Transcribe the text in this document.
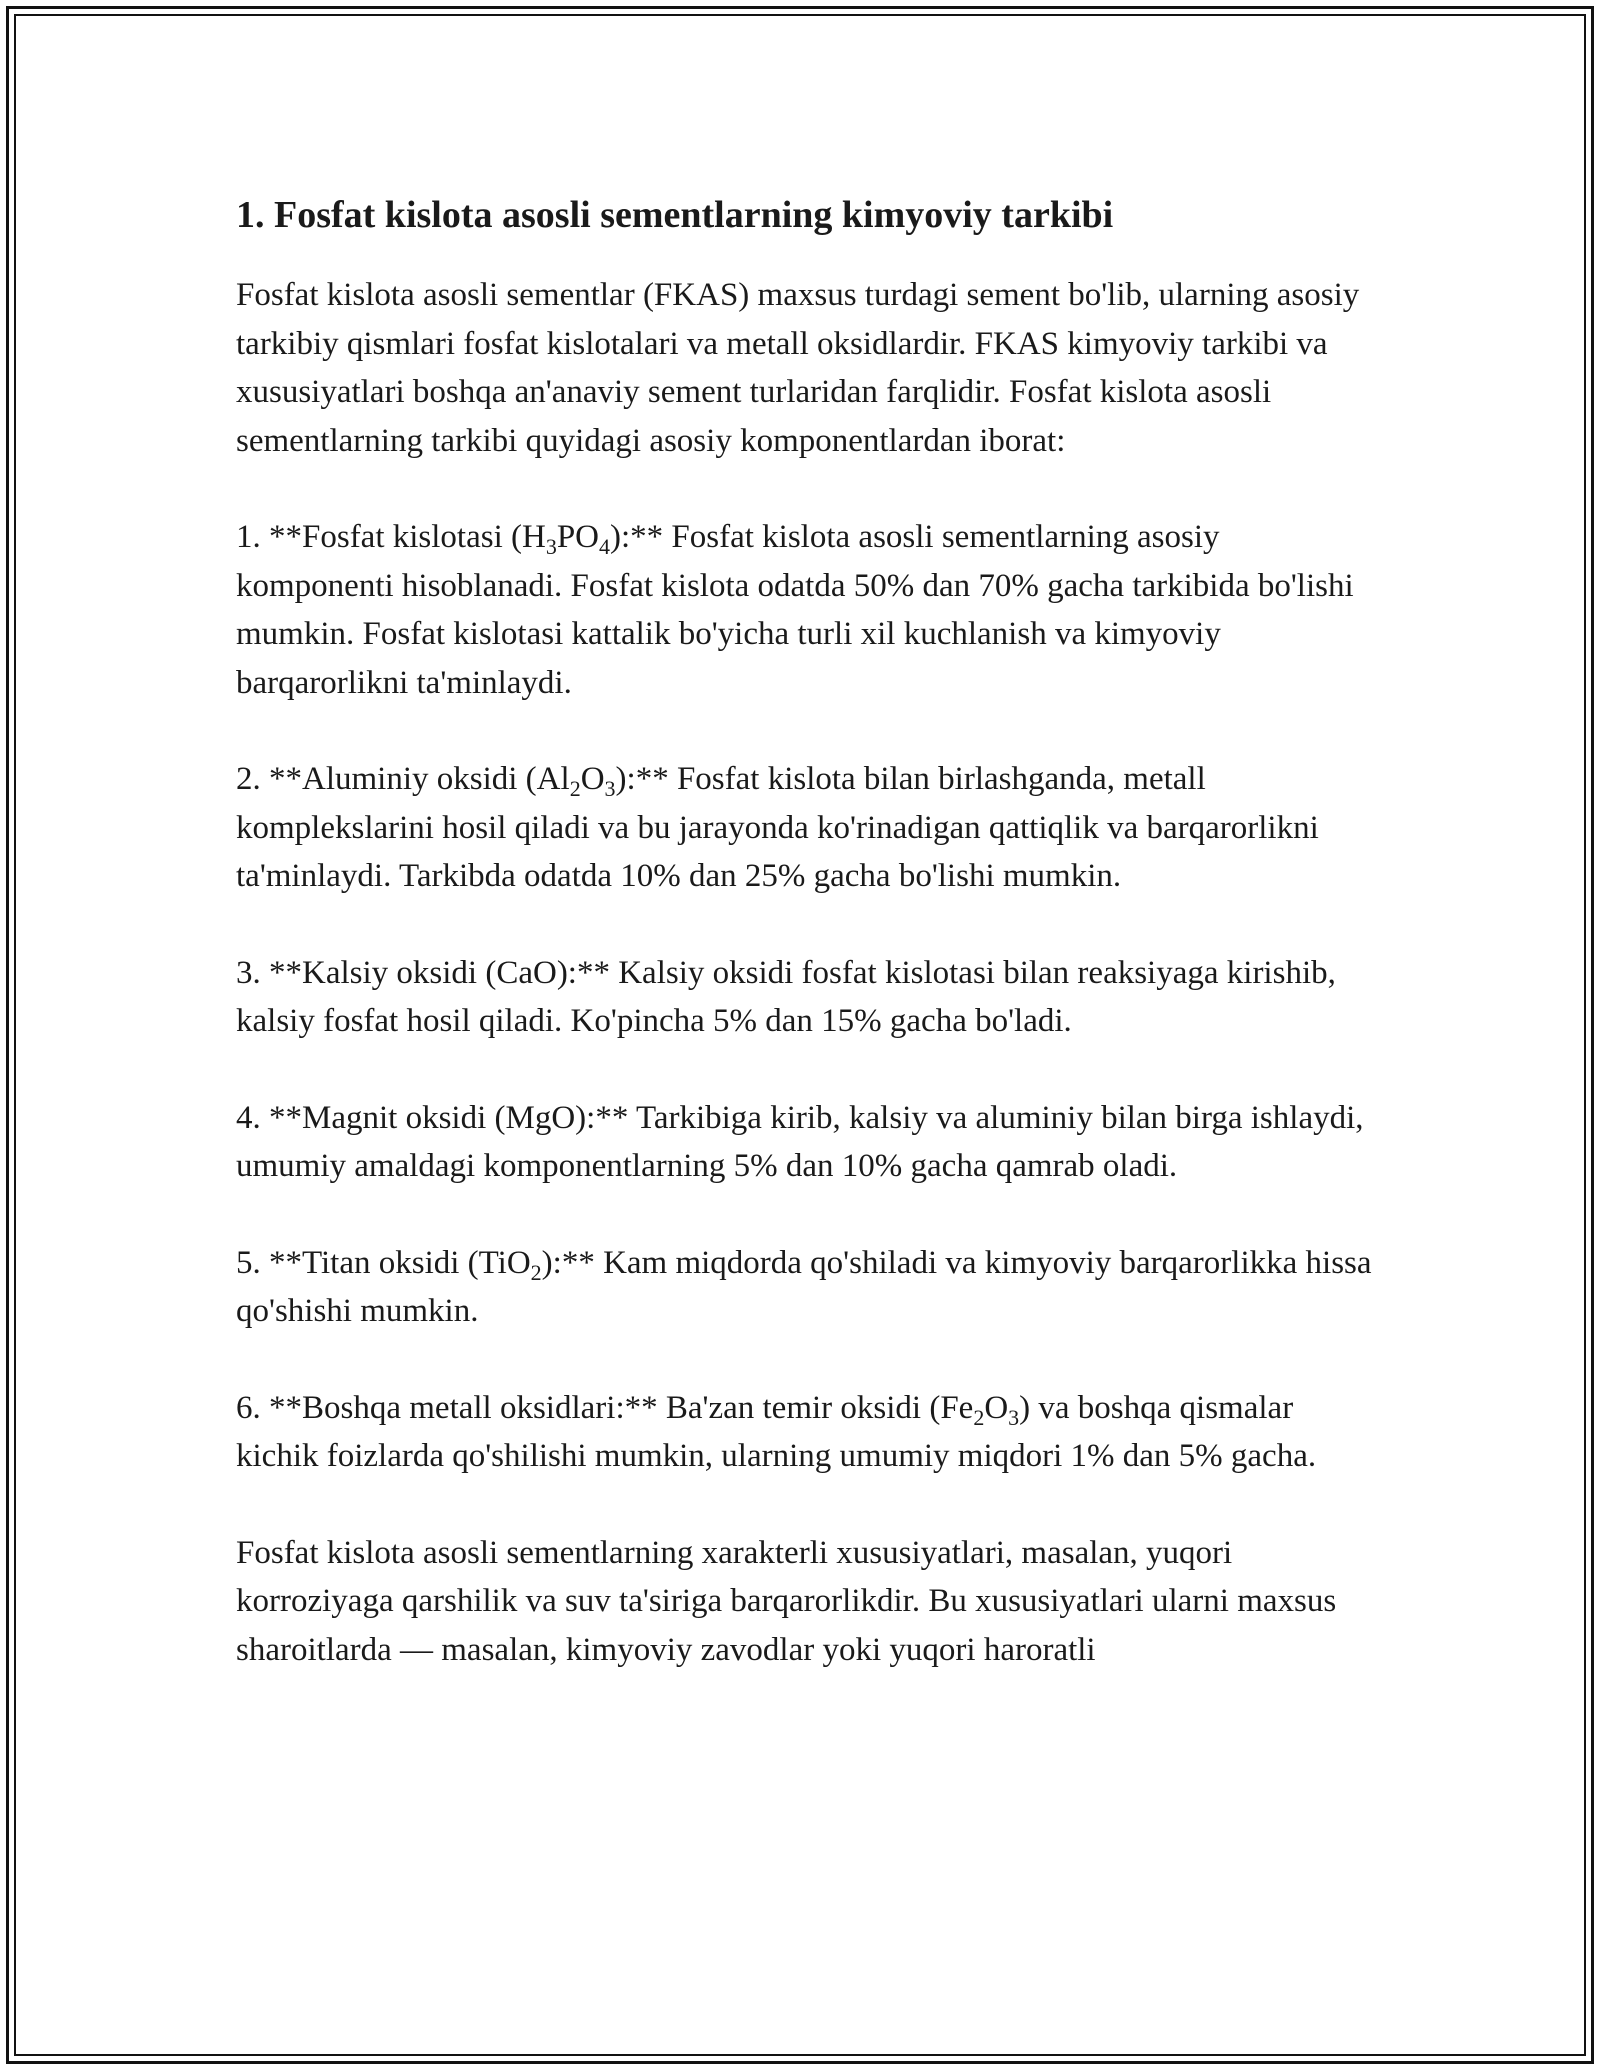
1. Fosfat kislota asosli sementlarning kimyoviy tarkibi

Fosfat kislota asosli sementlar (FKAS) maxsus turdagi sement bo'lib, ularning asosiy tarkibiy qismlari fosfat kislotalari va metall oksidlardir. FKAS kimyoviy tarkibi va xususiyatlari boshqa an'anaviy sement turlaridan farqlidir. Fosfat kislota asosli sementlarning tarkibi quyidagi asosiy komponentlardan iborat:

1. **Fosfat kislotasi $(H_3PO_4):**$ Fosfat kislota asosli sementlarning asosiy komponenti hisoblanadi. Fosfat kislota odatda 50% dan 70% gacha tarkibida bo'lishi mumkin. Fosfat kislotasi kattalik bo'yicha turli xil kuchlanish va kimyoviy barqarorlikni ta'minlaydi.

2. **Aluminiy oksidi $(Al_2O_3):**$ Fosfat kislota bilan birlashganda, metall komplekslarini hosil qiladi va bu jarayonda ko'rinadigan qattiqlik va barqarorlikni ta'minlaydi. Tarkibda odatda 10% dan 25% gacha bo'lishi mumkin.

3. **Kalsiy oksidi (CaO):** Kalsiy oksidi fosfat kislotasi bilan reaksiyaga kirishib, kalsiy fosfat hosil qiladi. Ko'pincha 5% dan 15% gacha bo'ladi.

4. **Magnit oksidi (MgO):** Tarkibiga kirib, kalsiy va aluminiy bilan birga ishlaydi, umumiy amaldagi komponentlarning 5% dan 10% gacha qamrab oladi.

5. **Titan oksidi (TiO$_2$):** Kam miqdorda qo'shiladi va kimyoviy barqarorlikka hissa qo'shishi mumkin.

6. **Boshqa metall oksidlari:** Ba'zan temir oksidi $(Fe_2O_3)$ va boshqa qismalar kichik foizlarda qo'shilishi mumkin, ularning umumiy miqdori 1% dan 5% gacha.

Fosfat kislota asosli sementlarning xarakterli xususiyatlari, masalan, yuqori korroziyaga qarshilik va suv ta'siriga barqarorlikdir. Bu xususiyatlari ularni maxsus sharoitlarda — masalan, kimyoviy zavodlar yoki yuqori haroratli
